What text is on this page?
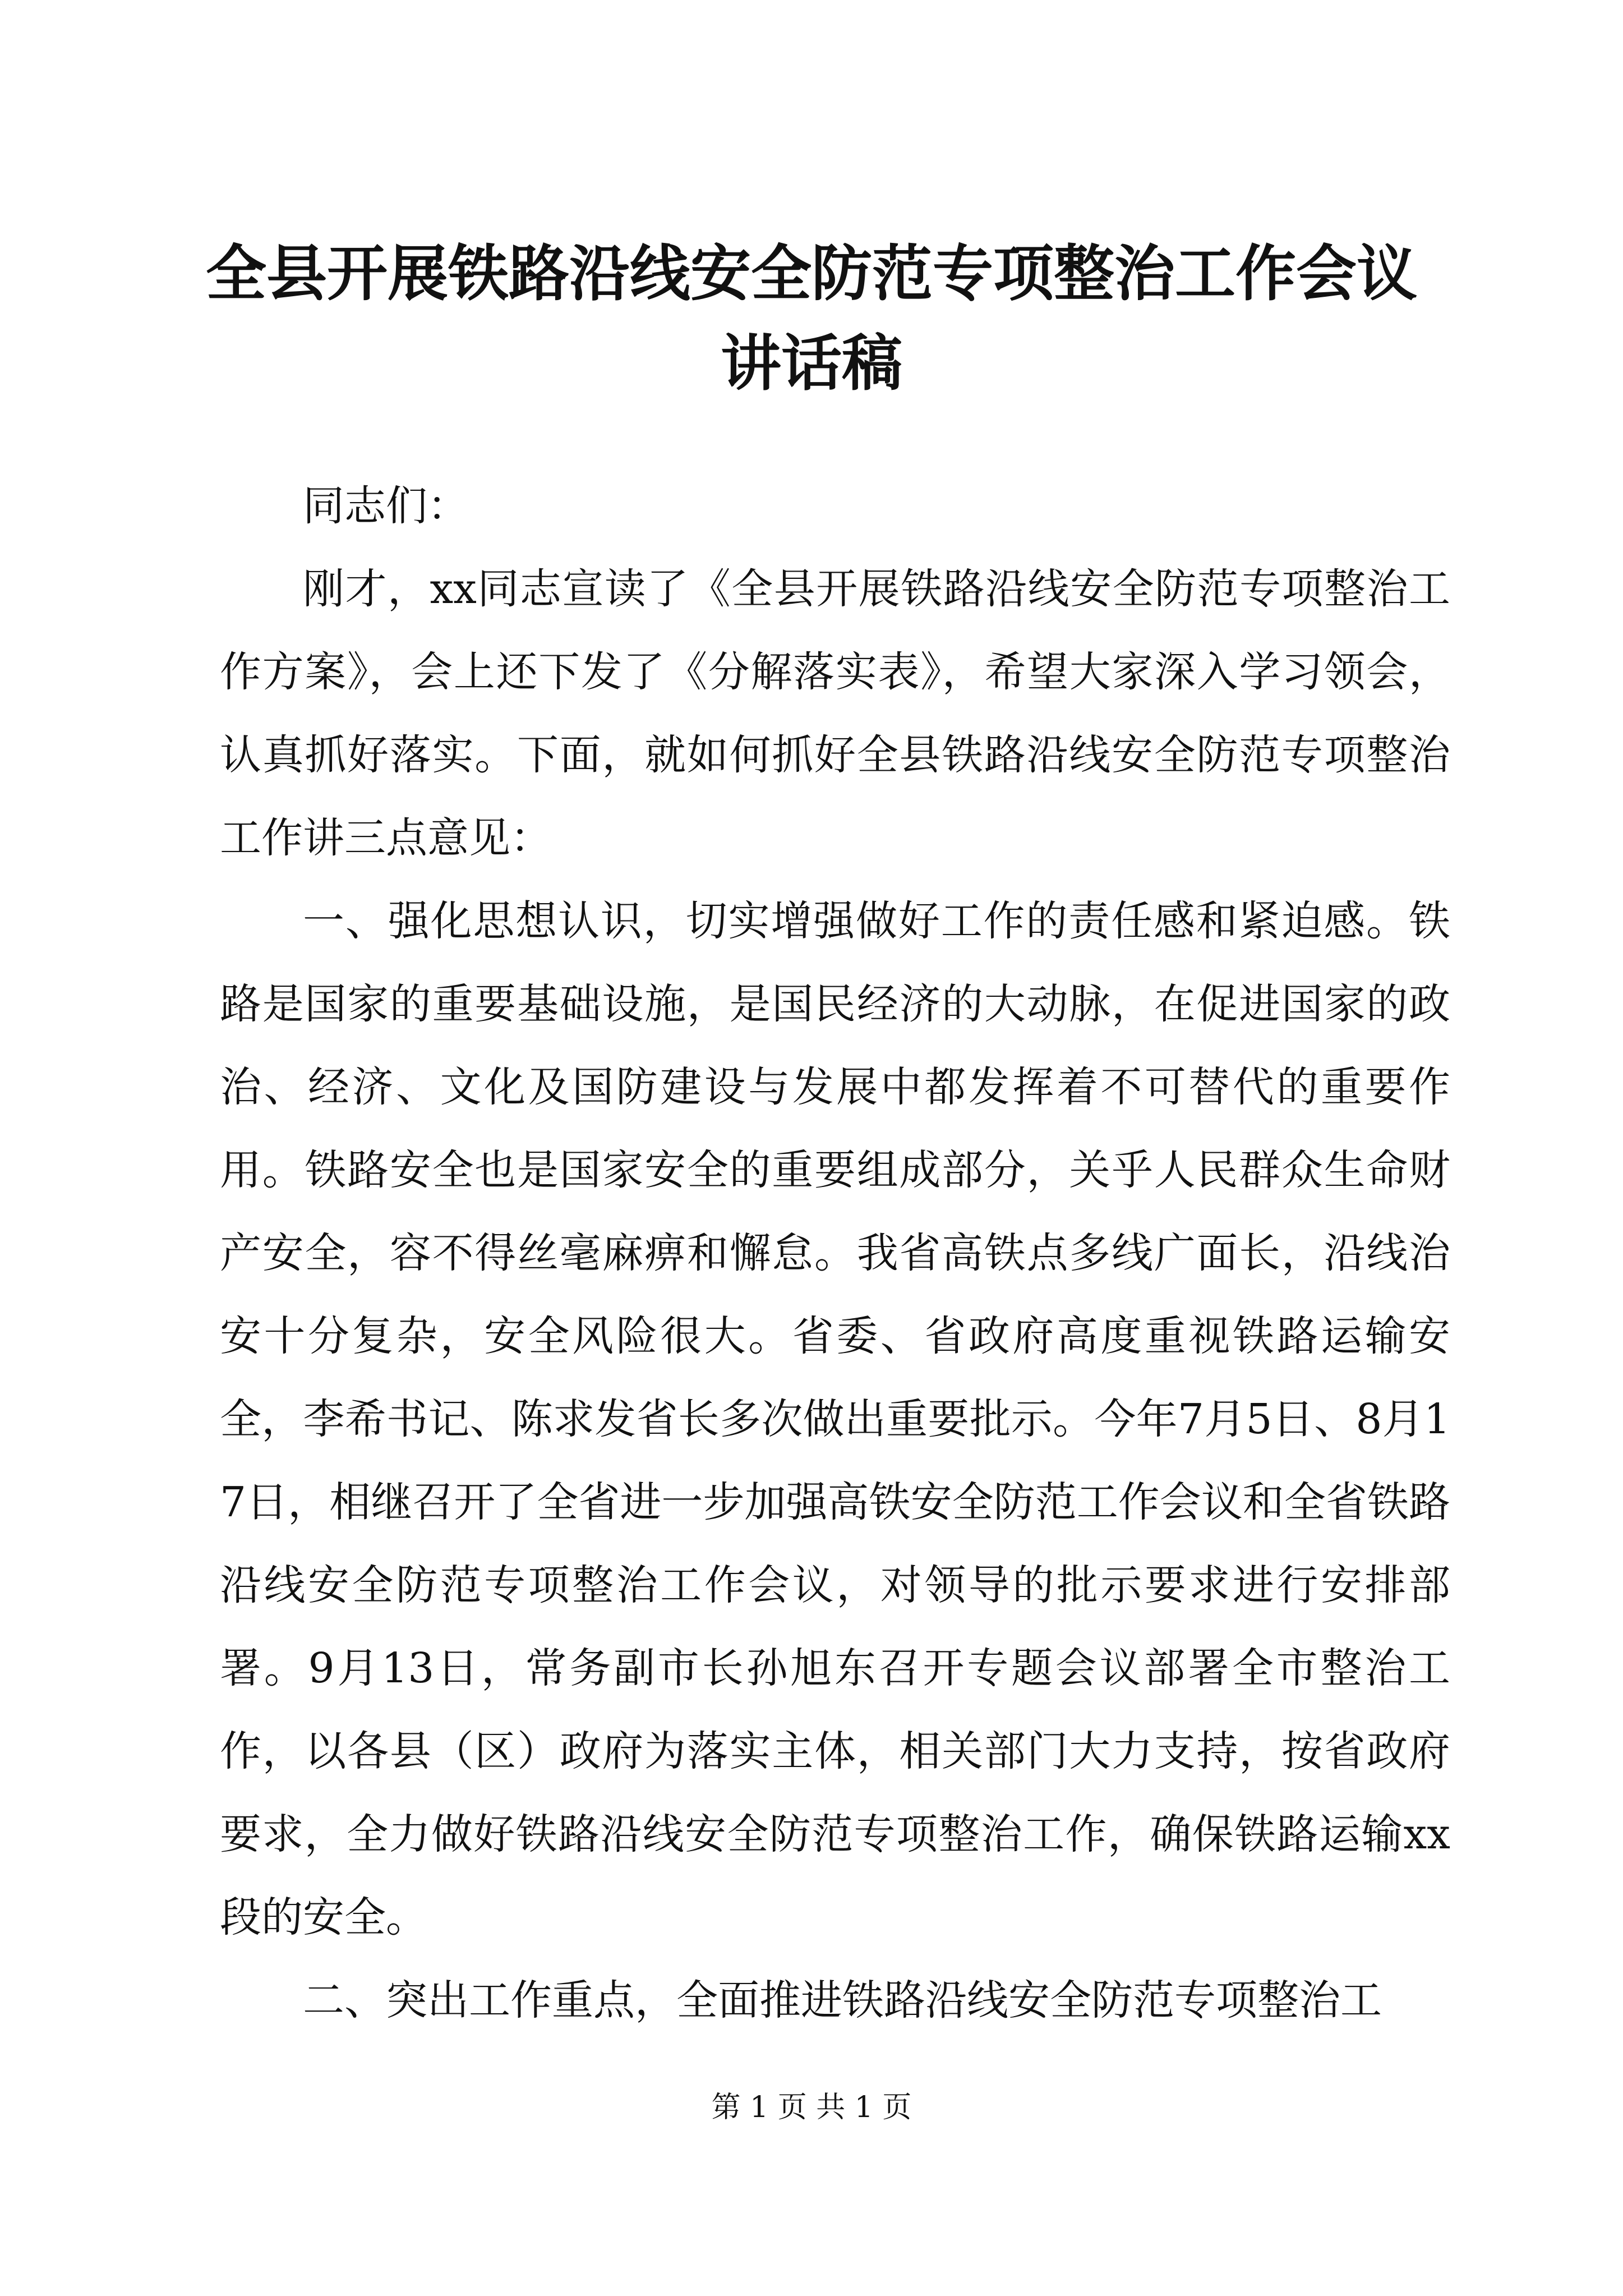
全县开展铁路沿线安全防范专项整治工作会议讲话稿

同志们：

刚才，xx同志宣读了《全县开展铁路沿线安全防范专项整治工作方案》，会上还下发了《分解落实表》，希望大家深入学习领会，认真抓好落实。下面，就如何抓好全县铁路沿线安全防范专项整治工作讲三点意见：

一、强化思想认识，切实增强做好工作的责任感和紧迫感。铁路是国家的重要基础设施，是国民经济的大动脉，在促进国家的政治、经济、文化及国防建设与发展中都发挥着不可替代的重要作用。铁路安全也是国家安全的重要组成部分，关乎人民群众生命财产安全，容不得丝毫麻痹和懈怠。我省高铁点多线广面长，沿线治安十分复杂，安全风险很大。省委、省政府高度重视铁路运输安全，李希书记、陈求发省长多次做出重要批示。今年7月5日、8月17日，相继召开了全省进一步加强高铁安全防范工作会议和全省铁路沿线安全防范专项整治工作会议，对领导的批示要求进行安排部署。9月13日，常务副市长孙旭东召开专题会议部署全市整治工作，以各县（区）政府为落实主体，相关部门大力支持，按省政府要求，全力做好铁路沿线安全防范专项整治工作，确保铁路运输xx段的安全。

二、突出工作重点，全面推进铁路沿线安全防范专项整治工

第 1 页 共 1 页
